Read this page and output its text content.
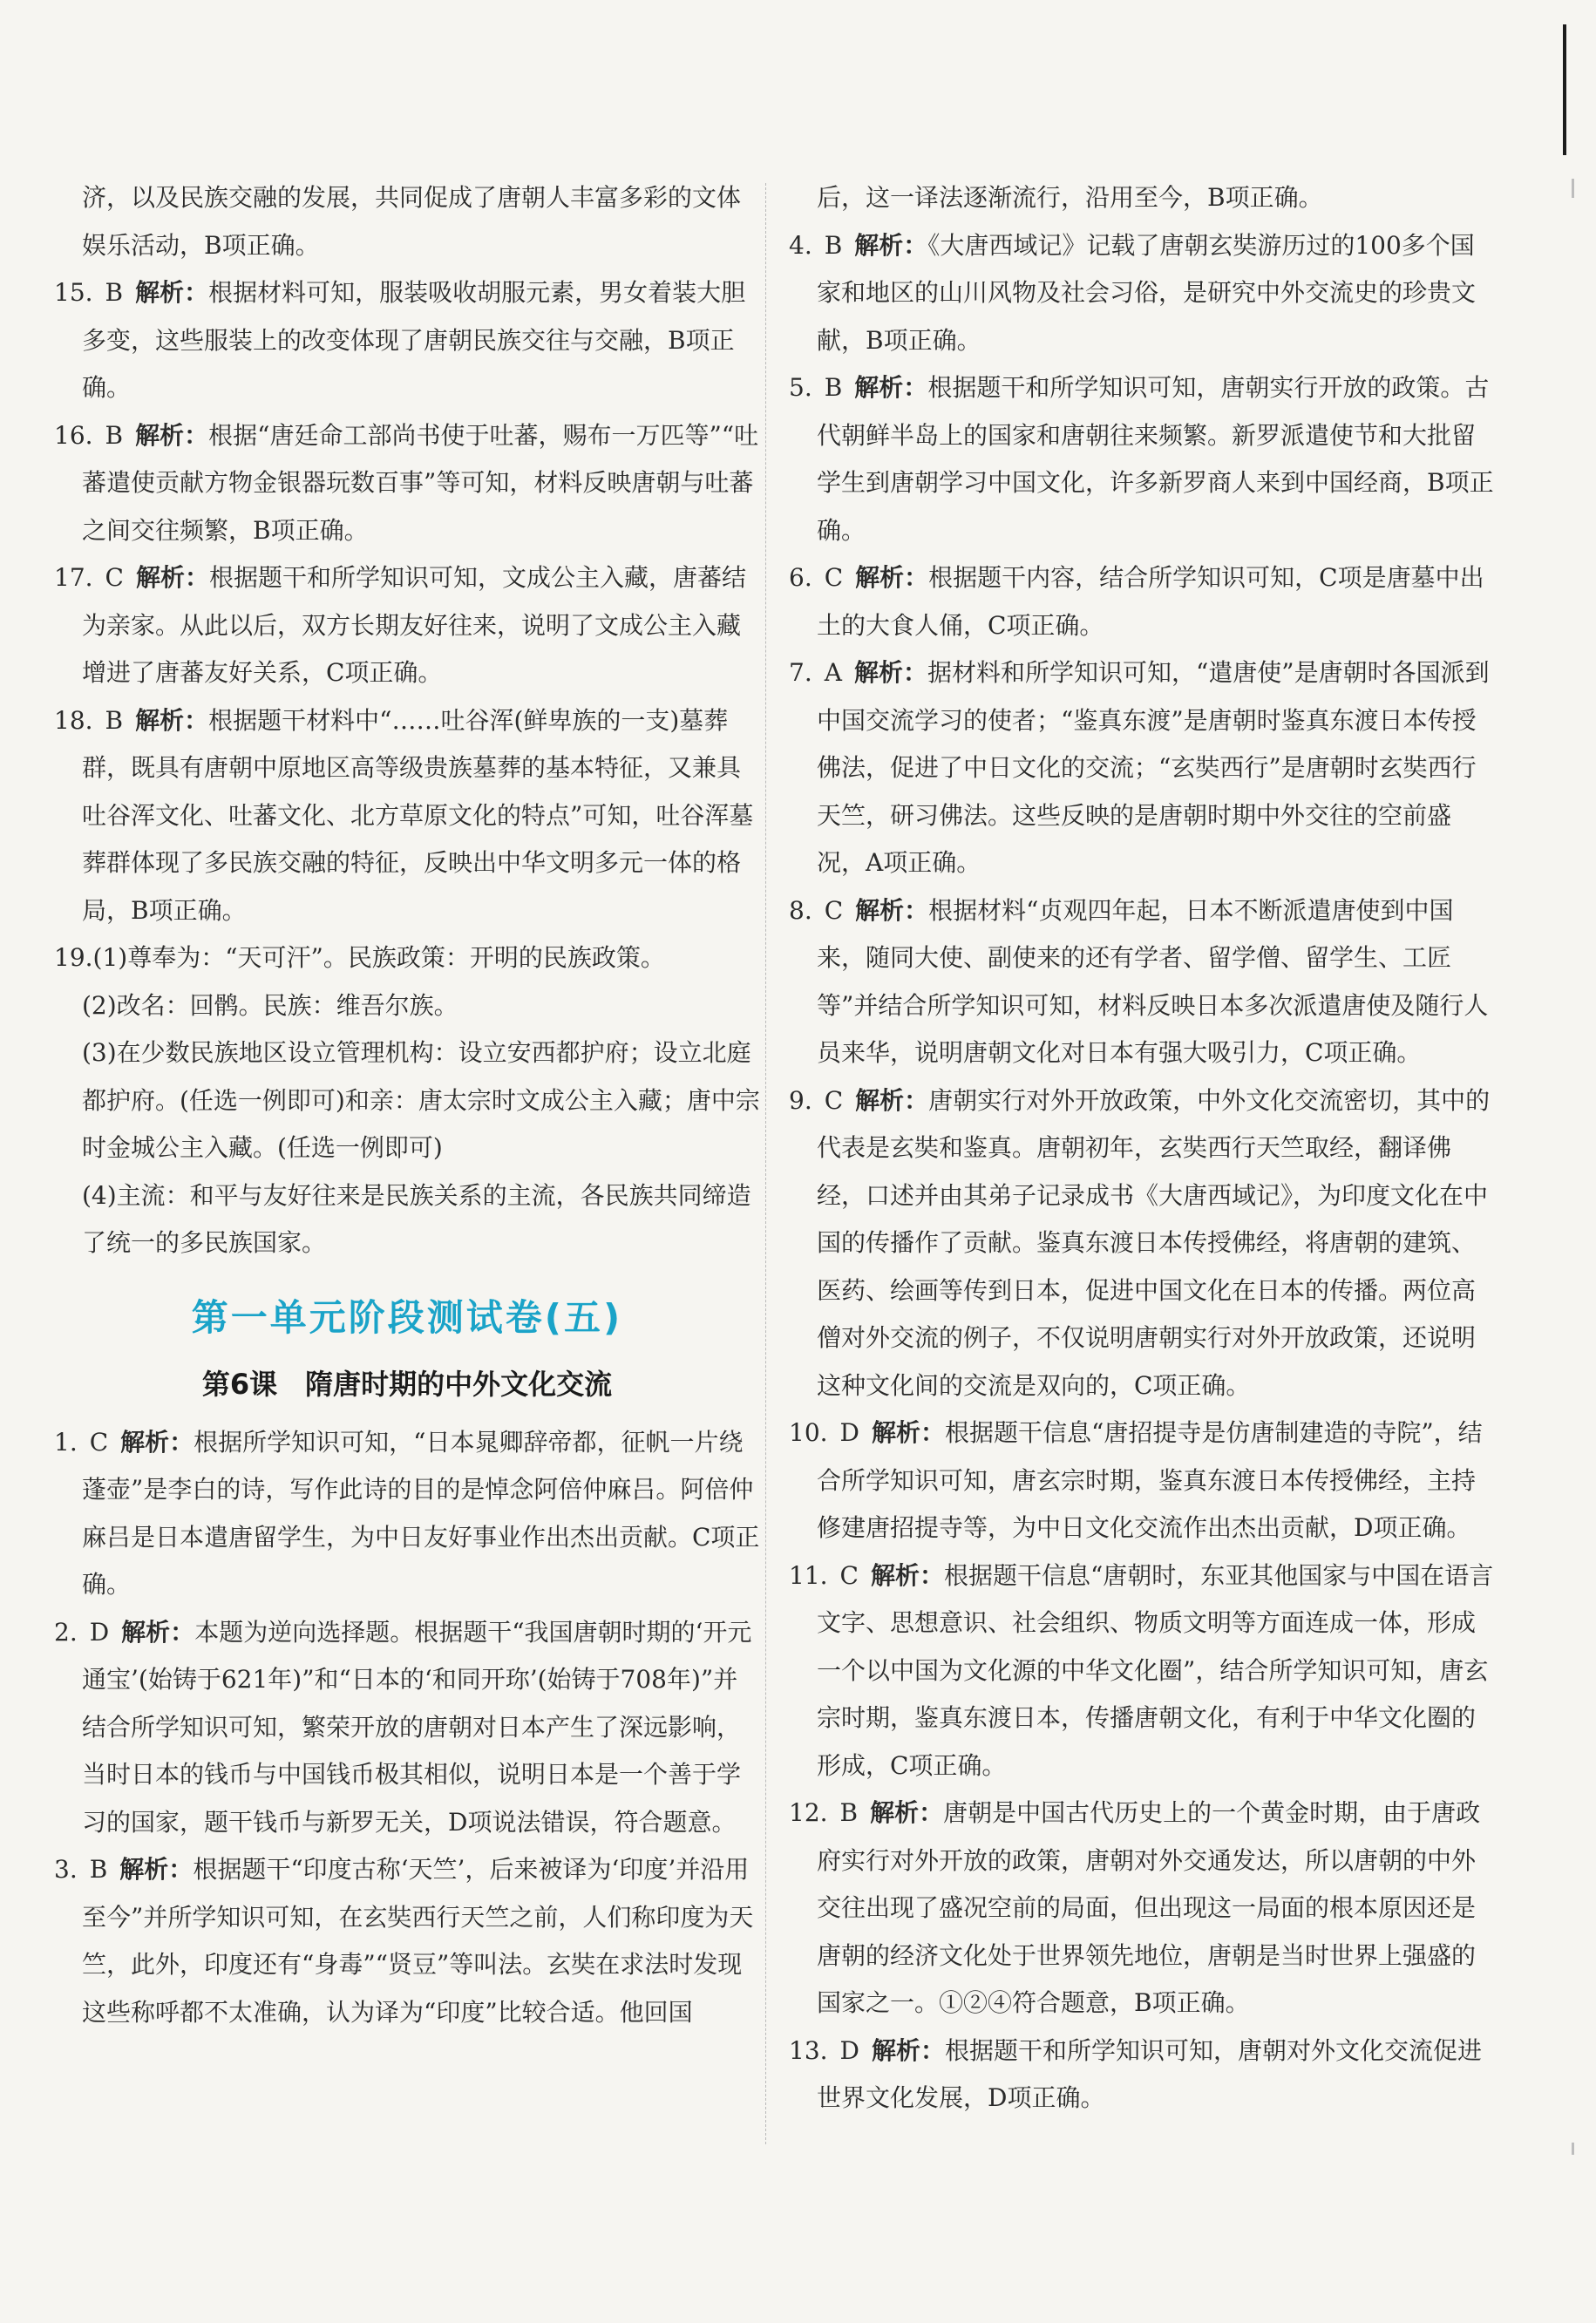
济，以及民族交融的发展，共同促成了唐朝人丰富多彩的文体娱乐活动，B项正确。
15. B 解析：根据材料可知，服装吸收胡服元素，男女着装大胆多变，这些服装上的改变体现了唐朝民族交往与交融，B项正确。
16. B 解析：根据“唐廷命工部尚书使于吐蕃，赐布一万匹等”“吐蕃遣使贡献方物金银器玩数百事”等可知，材料反映唐朝与吐蕃之间交往频繁，B项正确。
17. C 解析：根据题干和所学知识可知，文成公主入藏，唐蕃结为亲家。从此以后，双方长期友好往来，说明了文成公主入藏增进了唐蕃友好关系，C项正确。
18. B 解析：根据题干材料中“……吐谷浑(鲜卑族的一支)墓葬群，既具有唐朝中原地区高等级贵族墓葬的基本特征，又兼具吐谷浑文化、吐蕃文化、北方草原文化的特点”可知，吐谷浑墓葬群体现了多民族交融的特征，反映出中华文明多元一体的格局，B项正确。
19.(1)尊奉为：“天可汗”。民族政策：开明的民族政策。
(2)改名：回鹘。民族：维吾尔族。
(3)在少数民族地区设立管理机构：设立安西都护府；设立北庭都护府。(任选一例即可)和亲：唐太宗时文成公主入藏；唐中宗时金城公主入藏。(任选一例即可)
(4)主流：和平与友好往来是民族关系的主流，各民族共同缔造了统一的多民族国家。
第一单元阶段测试卷(五)
第6课 隋唐时期的中外文化交流
1. C 解析：根据所学知识可知，“日本晁卿辞帝都，征帆一片绕蓬壶”是李白的诗，写作此诗的目的是悼念阿倍仲麻吕。阿倍仲麻吕是日本遣唐留学生，为中日友好事业作出杰出贡献。C项正确。
2. D 解析：本题为逆向选择题。根据题干“我国唐朝时期的‘开元通宝’(始铸于621年)”和“日本的‘和同开珎’(始铸于708年)”并结合所学知识可知，繁荣开放的唐朝对日本产生了深远影响，当时日本的钱币与中国钱币极其相似，说明日本是一个善于学习的国家，题干钱币与新罗无关，D项说法错误，符合题意。
3. B 解析：根据题干“印度古称‘天竺’，后来被译为‘印度’并沿用至今”并所学知识可知，在玄奘西行天竺之前，人们称印度为天竺，此外，印度还有“身毒”“贤豆”等叫法。玄奘在求法时发现这些称呼都不太准确，认为译为“印度”比较合适。他回国
后，这一译法逐渐流行，沿用至今，B项正确。
4. B 解析：《大唐西域记》记载了唐朝玄奘游历过的100多个国家和地区的山川风物及社会习俗，是研究中外交流史的珍贵文献，B项正确。
5. B 解析：根据题干和所学知识可知，唐朝实行开放的政策。古代朝鲜半岛上的国家和唐朝往来频繁。新罗派遣使节和大批留学生到唐朝学习中国文化，许多新罗商人来到中国经商，B项正确。
6. C 解析：根据题干内容，结合所学知识可知，C项是唐墓中出土的大食人俑，C项正确。
7. A 解析：据材料和所学知识可知，“遣唐使”是唐朝时各国派到中国交流学习的使者；“鉴真东渡”是唐朝时鉴真东渡日本传授佛法，促进了中日文化的交流；“玄奘西行”是唐朝时玄奘西行天竺，研习佛法。这些反映的是唐朝时期中外交往的空前盛况，A项正确。
8. C 解析：根据材料“贞观四年起，日本不断派遣唐使到中国来，随同大使、副使来的还有学者、留学僧、留学生、工匠等”并结合所学知识可知，材料反映日本多次派遣唐使及随行人员来华，说明唐朝文化对日本有强大吸引力，C项正确。
9. C 解析：唐朝实行对外开放政策，中外文化交流密切，其中的代表是玄奘和鉴真。唐朝初年，玄奘西行天竺取经，翻译佛经，口述并由其弟子记录成书《大唐西域记》，为印度文化在中国的传播作了贡献。鉴真东渡日本传授佛经，将唐朝的建筑、医药、绘画等传到日本，促进中国文化在日本的传播。两位高僧对外交流的例子，不仅说明唐朝实行对外开放政策，还说明这种文化间的交流是双向的，C项正确。
10. D 解析：根据题干信息“唐招提寺是仿唐制建造的寺院”，结合所学知识可知，唐玄宗时期，鉴真东渡日本传授佛经，主持修建唐招提寺等，为中日文化交流作出杰出贡献，D项正确。
11. C 解析：根据题干信息“唐朝时，东亚其他国家与中国在语言文字、思想意识、社会组织、物质文明等方面连成一体，形成一个以中国为文化源的中华文化圈”，结合所学知识可知，唐玄宗时期，鉴真东渡日本，传播唐朝文化，有利于中华文化圈的形成，C项正确。
12. B 解析：唐朝是中国古代历史上的一个黄金时期，由于唐政府实行对外开放的政策，唐朝对外交通发达，所以唐朝的中外交往出现了盛况空前的局面，但出现这一局面的根本原因还是唐朝的经济文化处于世界领先地位，唐朝是当时世界上强盛的国家之一。①②④符合题意，B项正确。
13. D 解析：根据题干和所学知识可知，唐朝对外文化交流促进世界文化发展，D项正确。
